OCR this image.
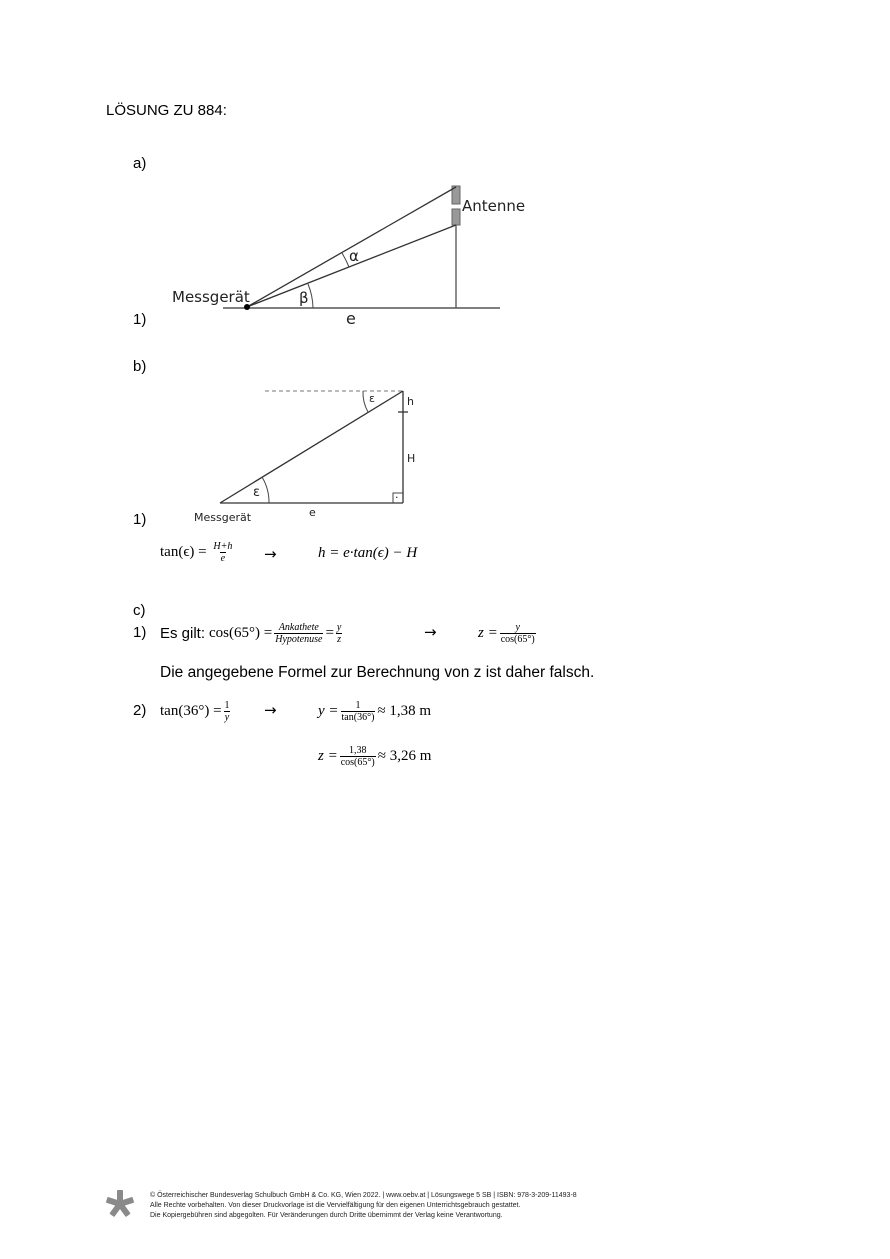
LÖSUNG ZU 884:
a)
1)
Antenne
Messgerät
α
β
e
b)
1)
ε	h
H
ε	·
e
Messgerät
$\tan(\epsilon) = \frac{H+h}{e}$ →	h = e·tan(ϵ) − H
c)
1) Es gilt: $\cos(65^\circ) = \frac{\text{Ankathete}}{\text{Hypotenuse}} = \frac{y}{z}$	→	$z = \frac{y}{\cos(65^\circ)}$
Die angegebene Formel zur Berechnung von z ist daher falsch.
2) $\tan(36^\circ) = \frac{1}{y}$ →	$y = \frac{1}{\tan(36^\circ)} \approx 1,38$ m
$z = \frac{1,38}{\cos(65^\circ)} \approx 3,26$ m
© Österreichischer Bundesverlag Schulbuch GmbH & Co. KG, Wien 2022. | www.oebv.at | Lösungswege 5 SB | ISBN: 978-3-209-11493-8
Alle Rechte vorbehalten. Von dieser Druckvorlage ist die Vervielfältigung für den eigenen Unterrichtsgebrauch gestattet.
Die Kopiergebühren sind abgegolten. Für Veränderungen durch Dritte übernimmt der Verlag keine Verantwortung.
